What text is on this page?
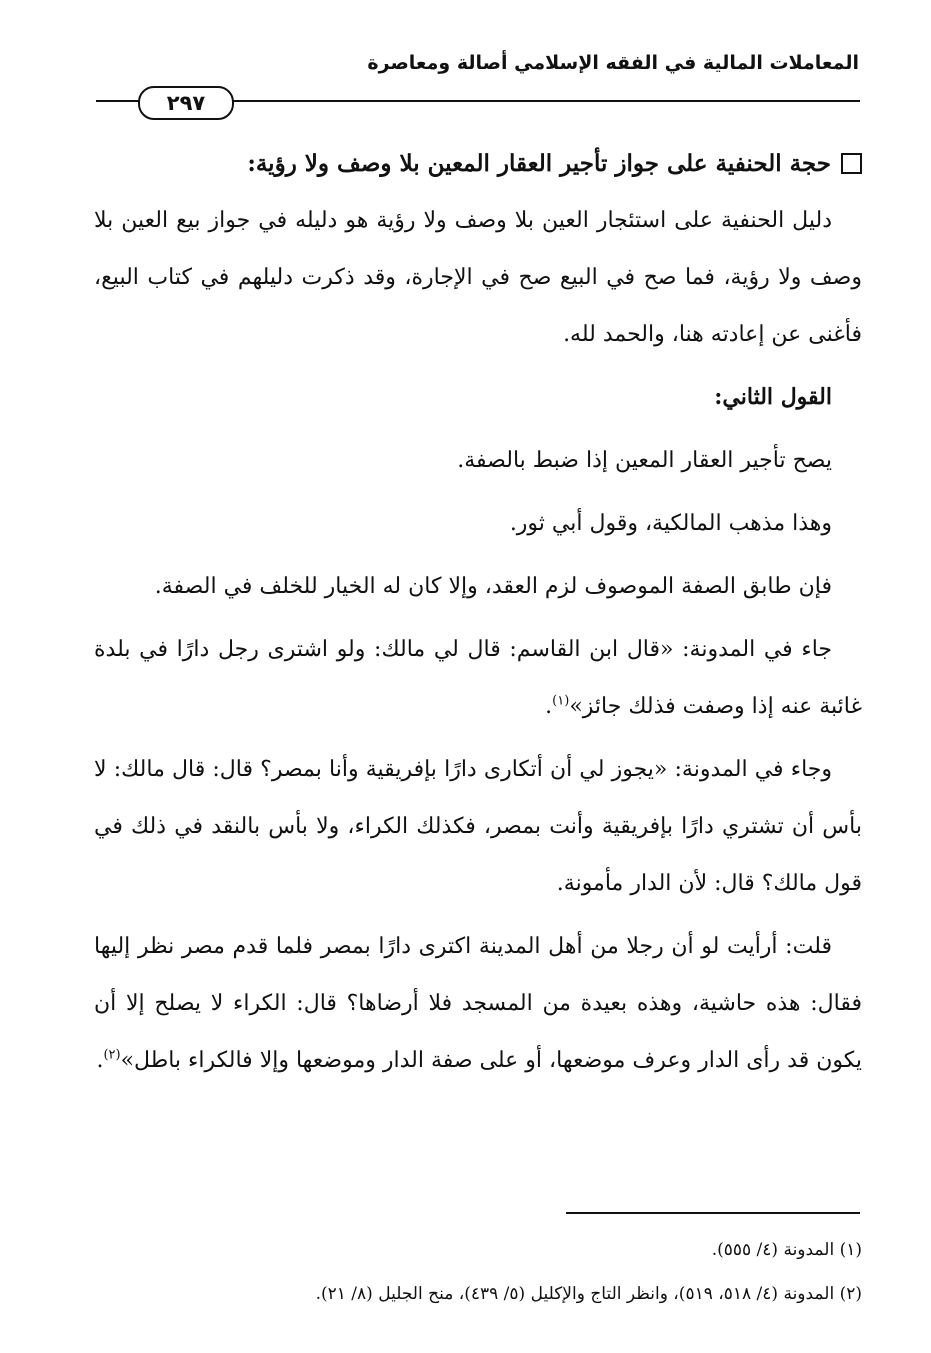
المعاملات المالية في الفقه الإسلامي أصالة ومعاصرة
٢٩٧

حجة الحنفية على جواز تأجير العقار المعين بلا وصف ولا رؤية:

دليل الحنفية على استئجار العين بلا وصف ولا رؤية هو دليله في جواز بيع العين بلا وصف ولا رؤية، فما صح في البيع صح في الإجارة، وقد ذكرت دليلهم في كتاب البيع، فأغنى عن إعادته هنا، والحمد لله.

القول الثاني:

يصح تأجير العقار المعين إذا ضبط بالصفة.

وهذا مذهب المالكية، وقول أبي ثور.

فإن طابق الصفة الموصوف لزم العقد، وإلا كان له الخيار للخلف في الصفة.

جاء في المدونة: «قال ابن القاسم: قال لي مالك: ولو اشترى رجل دارًا في بلدة غائبة عنه إذا وصفت فذلك جائز»$^{(١)}$.

وجاء في المدونة: «يجوز لي أن أتكارى دارًا بإفريقية وأنا بمصر؟ قال: قال مالك: لا بأس أن تشتري دارًا بإفريقية وأنت بمصر، فكذلك الكراء، ولا بأس بالنقد في ذلك في قول مالك؟ قال: لأن الدار مأمونة.

قلت: أرأيت لو أن رجلا من أهل المدينة اكترى دارًا بمصر فلما قدم مصر نظر إليها فقال: هذه حاشية، وهذه بعيدة من المسجد فلا أرضاها؟ قال: الكراء لا يصلح إلا أن يكون قد رأى الدار وعرف موضعها، أو على صفة الدار وموضعها وإلا فالكراء باطل»$^{(٢)}$.

(١) المدونة (٤/ ٥٥٥).

(٢) المدونة (٤/ ٥١٨، ٥١٩)، وانظر التاج والإكليل (٥/ ٤٣٩)، منح الجليل (٨/ ٢١).
